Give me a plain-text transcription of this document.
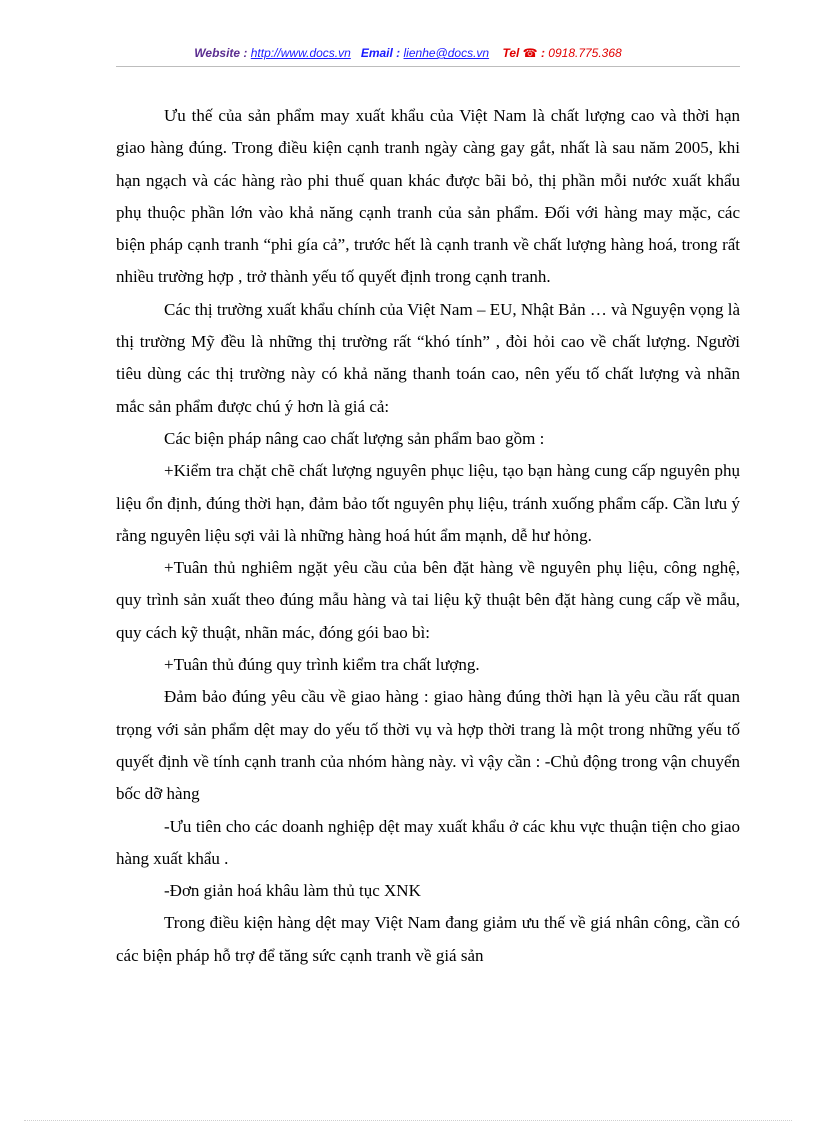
Website : http://www.docs.vn Email : lienhe@docs.vn Tel ☎ : 0918.775.368

Ưu thế của sản phẩm may xuất khẩu của Việt Nam là chất lượng cao và thời hạn giao hàng đúng. Trong điều kiện cạnh tranh ngày càng gay gắt, nhất là sau năm 2005, khi hạn ngạch và các hàng rào phi thuế quan khác được bãi bỏ, thị phần mỗi nước xuất khẩu phụ thuộc phần lớn vào khả năng cạnh tranh của sản phẩm. Đối với hàng may mặc, các biện pháp cạnh tranh “phi gía cả”, trước hết là cạnh tranh về chất lượng hàng hoá, trong rất nhiều trường hợp , trở thành yếu tố quyết định trong cạnh tranh.

Các thị trường xuất khẩu chính của Việt Nam – EU, Nhật Bản … và Nguyện vọng là thị trường Mỹ đều là những thị trường rất “khó tính” , đòi hỏi cao về chất lượng. Người tiêu dùng các thị trường này có khả năng thanh toán cao, nên yếu tố chất lượng và nhãn mắc sản phẩm được chú ý hơn là giá cả:

Các biện pháp nâng cao chất lượng sản phẩm bao gồm :

+Kiểm tra chặt chẽ chất lượng nguyên phục liệu, tạo bạn hàng cung cấp nguyên phụ liệu ổn định, đúng thời hạn, đảm bảo tốt nguyên phụ liệu, tránh xuống phẩm cấp. Cần lưu ý rằng nguyên liệu sợi vải là những hàng hoá hút ẩm mạnh, dễ hư hỏng.

+Tuân thủ nghiêm ngặt yêu cầu của bên đặt hàng về nguyên phụ liệu, công nghệ, quy trình sản xuất theo đúng mẫu hàng và tai liệu kỹ thuật bên đặt hàng cung cấp về mẫu, quy cách kỹ thuật, nhãn mác, đóng gói bao bì:

+Tuân thủ đúng quy trình kiểm tra chất lượng.

Đảm bảo đúng yêu cầu về giao hàng : giao hàng đúng thời hạn là yêu cầu rất quan trọng với sản phẩm dệt may do yếu tố thời vụ và hợp thời trang là một trong những yếu tố quyết định về tính cạnh tranh của nhóm hàng này. vì vậy cần : -Chủ động trong vận chuyển bốc dỡ hàng

-Ưu tiên cho các doanh nghiệp dệt may xuất khẩu ở các khu vực thuận tiện cho giao hàng xuất khẩu .

-Đơn giản hoá khâu làm thủ tục XNK

Trong điều kiện hàng dệt may Việt Nam đang giảm ưu thế về giá nhân công, cần có các biện pháp hỗ trợ để tăng sức cạnh tranh về giá sản
